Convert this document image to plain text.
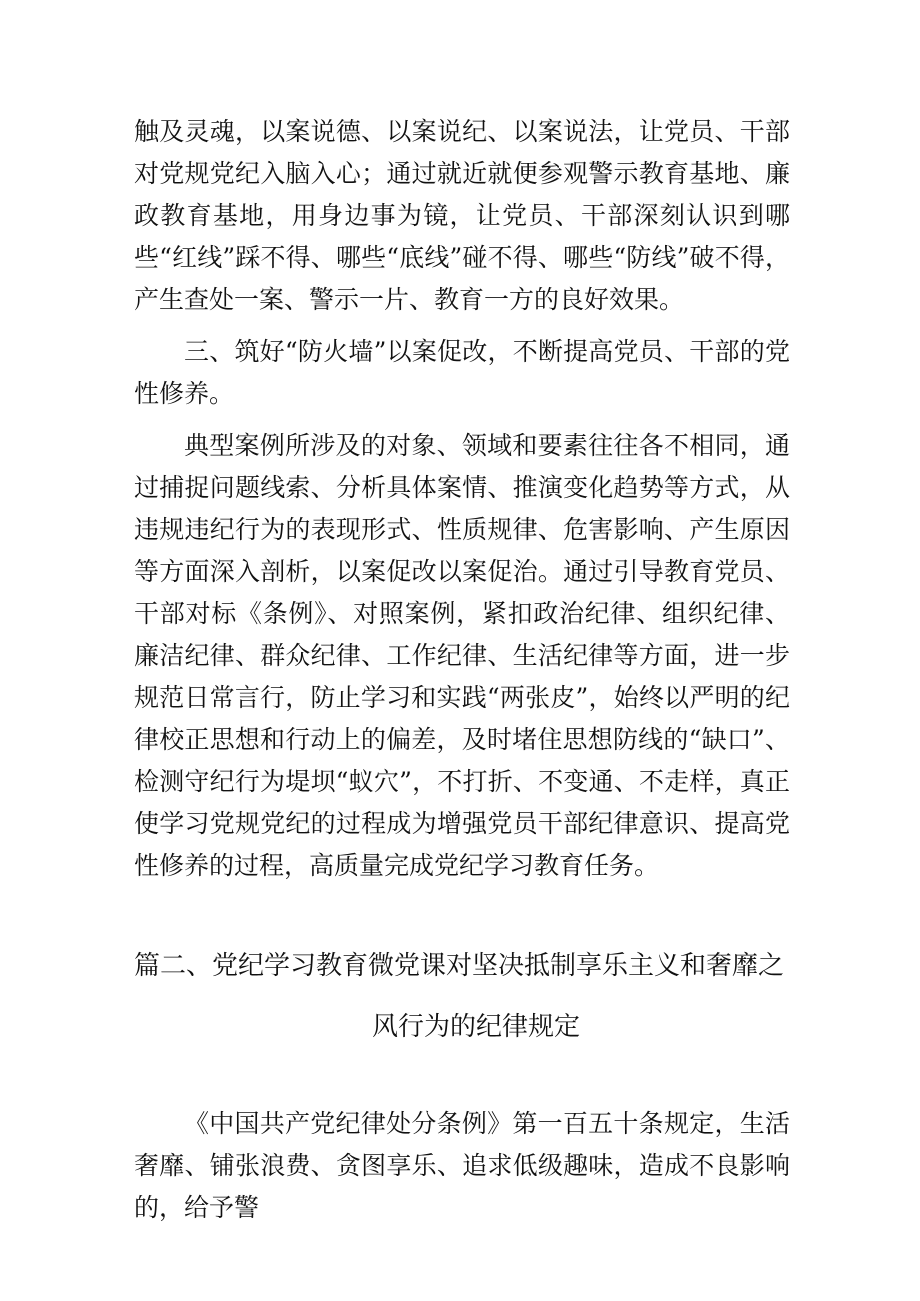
触及灵魂，以案说德、以案说纪、以案说法，让党员、干部对党规党纪入脑入心；通过就近就便参观警示教育基地、廉政教育基地，用身边事为镜，让党员、干部深刻认识到哪些“红线”踩不得、哪些“底线”碰不得、哪些“防线”破不得，产生查处一案、警示一片、教育一方的良好效果。

三、筑好“防火墙”以案促改，不断提高党员、干部的党性修养。

典型案例所涉及的对象、领域和要素往往各不相同，通过捕捉问题线索、分析具体案情、推演变化趋势等方式，从违规违纪行为的表现形式、性质规律、危害影响、产生原因等方面深入剖析，以案促改以案促治。通过引导教育党员、干部对标《条例》、对照案例，紧扣政治纪律、组织纪律、廉洁纪律、群众纪律、工作纪律、生活纪律等方面，进一步规范日常言行，防止学习和实践“两张皮”，始终以严明的纪律校正思想和行动上的偏差，及时堵住思想防线的“缺口”、检测守纪行为堤坝“蚁穴”，不打折、不变通、不走样，真正使学习党规党纪的过程成为增强党员干部纪律意识、提高党性修养的过程，高质量完成党纪学习教育任务。

篇二、党纪学习教育微党课对坚决抵制享乐主义和奢靡之
风行为的纪律规定

《中国共产党纪律处分条例》第一百五十条规定，生活奢靡、铺张浪费、贪图享乐、追求低级趣味，造成不良影响的，给予警
